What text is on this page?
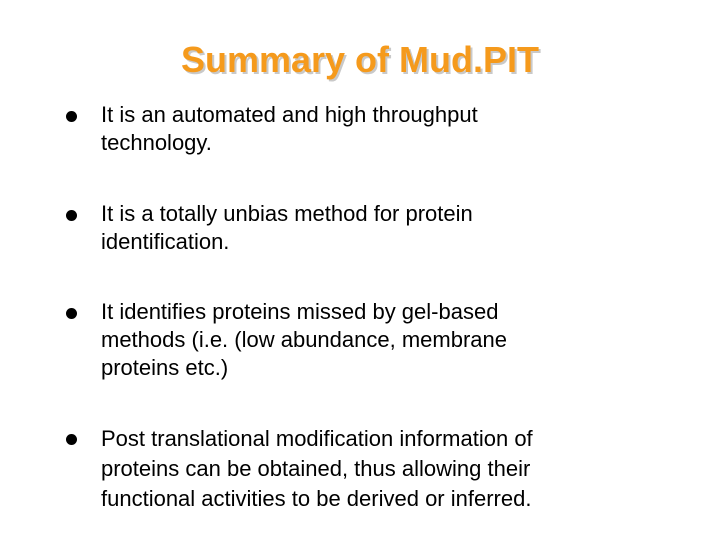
Summary of Mud.PIT

It is an automated and high throughput
technology.

It is a totally unbias method for protein
identification.

It identifies proteins missed by gel-based
methods (i.e. (low abundance, membrane
proteins etc.)

Post translational modification information of
proteins can be obtained, thus allowing their
functional activities to be derived or inferred.
